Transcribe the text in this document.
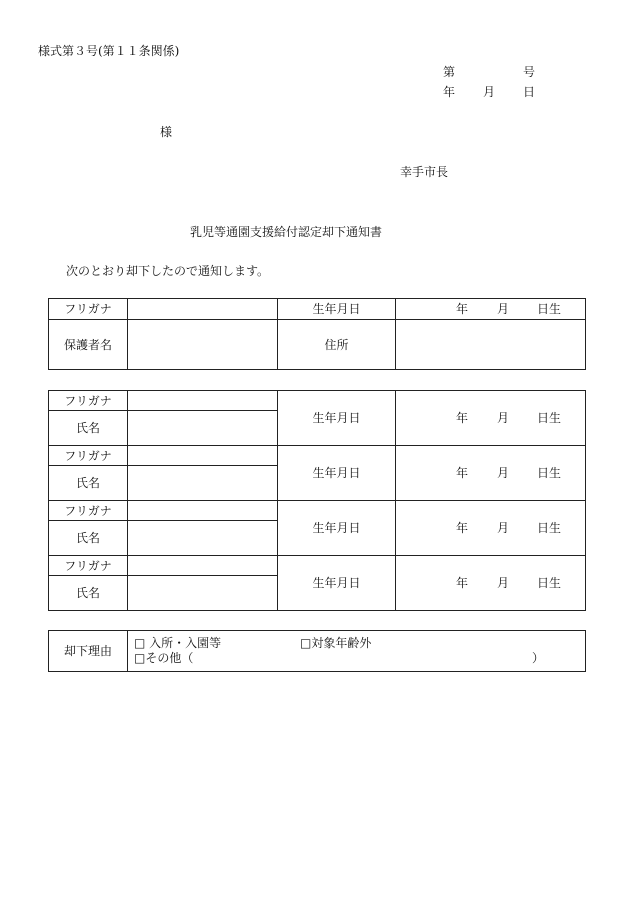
様式第３号(第１１条関係)
第	号
年 月 日
様
幸手市長
乳児等通園支援給付認定却下通知書
次のとおり却下したので通知します。
フリガナ		生年月日	年 月 日生

保護者名		住所	
フリガナ		生年月日	年 月 日生

氏名			
フリガナ		生年月日	年 月 日生

氏名			
フリガナ		生年月日	年 月 日生

氏名			
フリガナ		生年月日	年 月 日生

氏名			
却下理由	
□ 入所・入園等	□対象年齢外
□その他（	）
